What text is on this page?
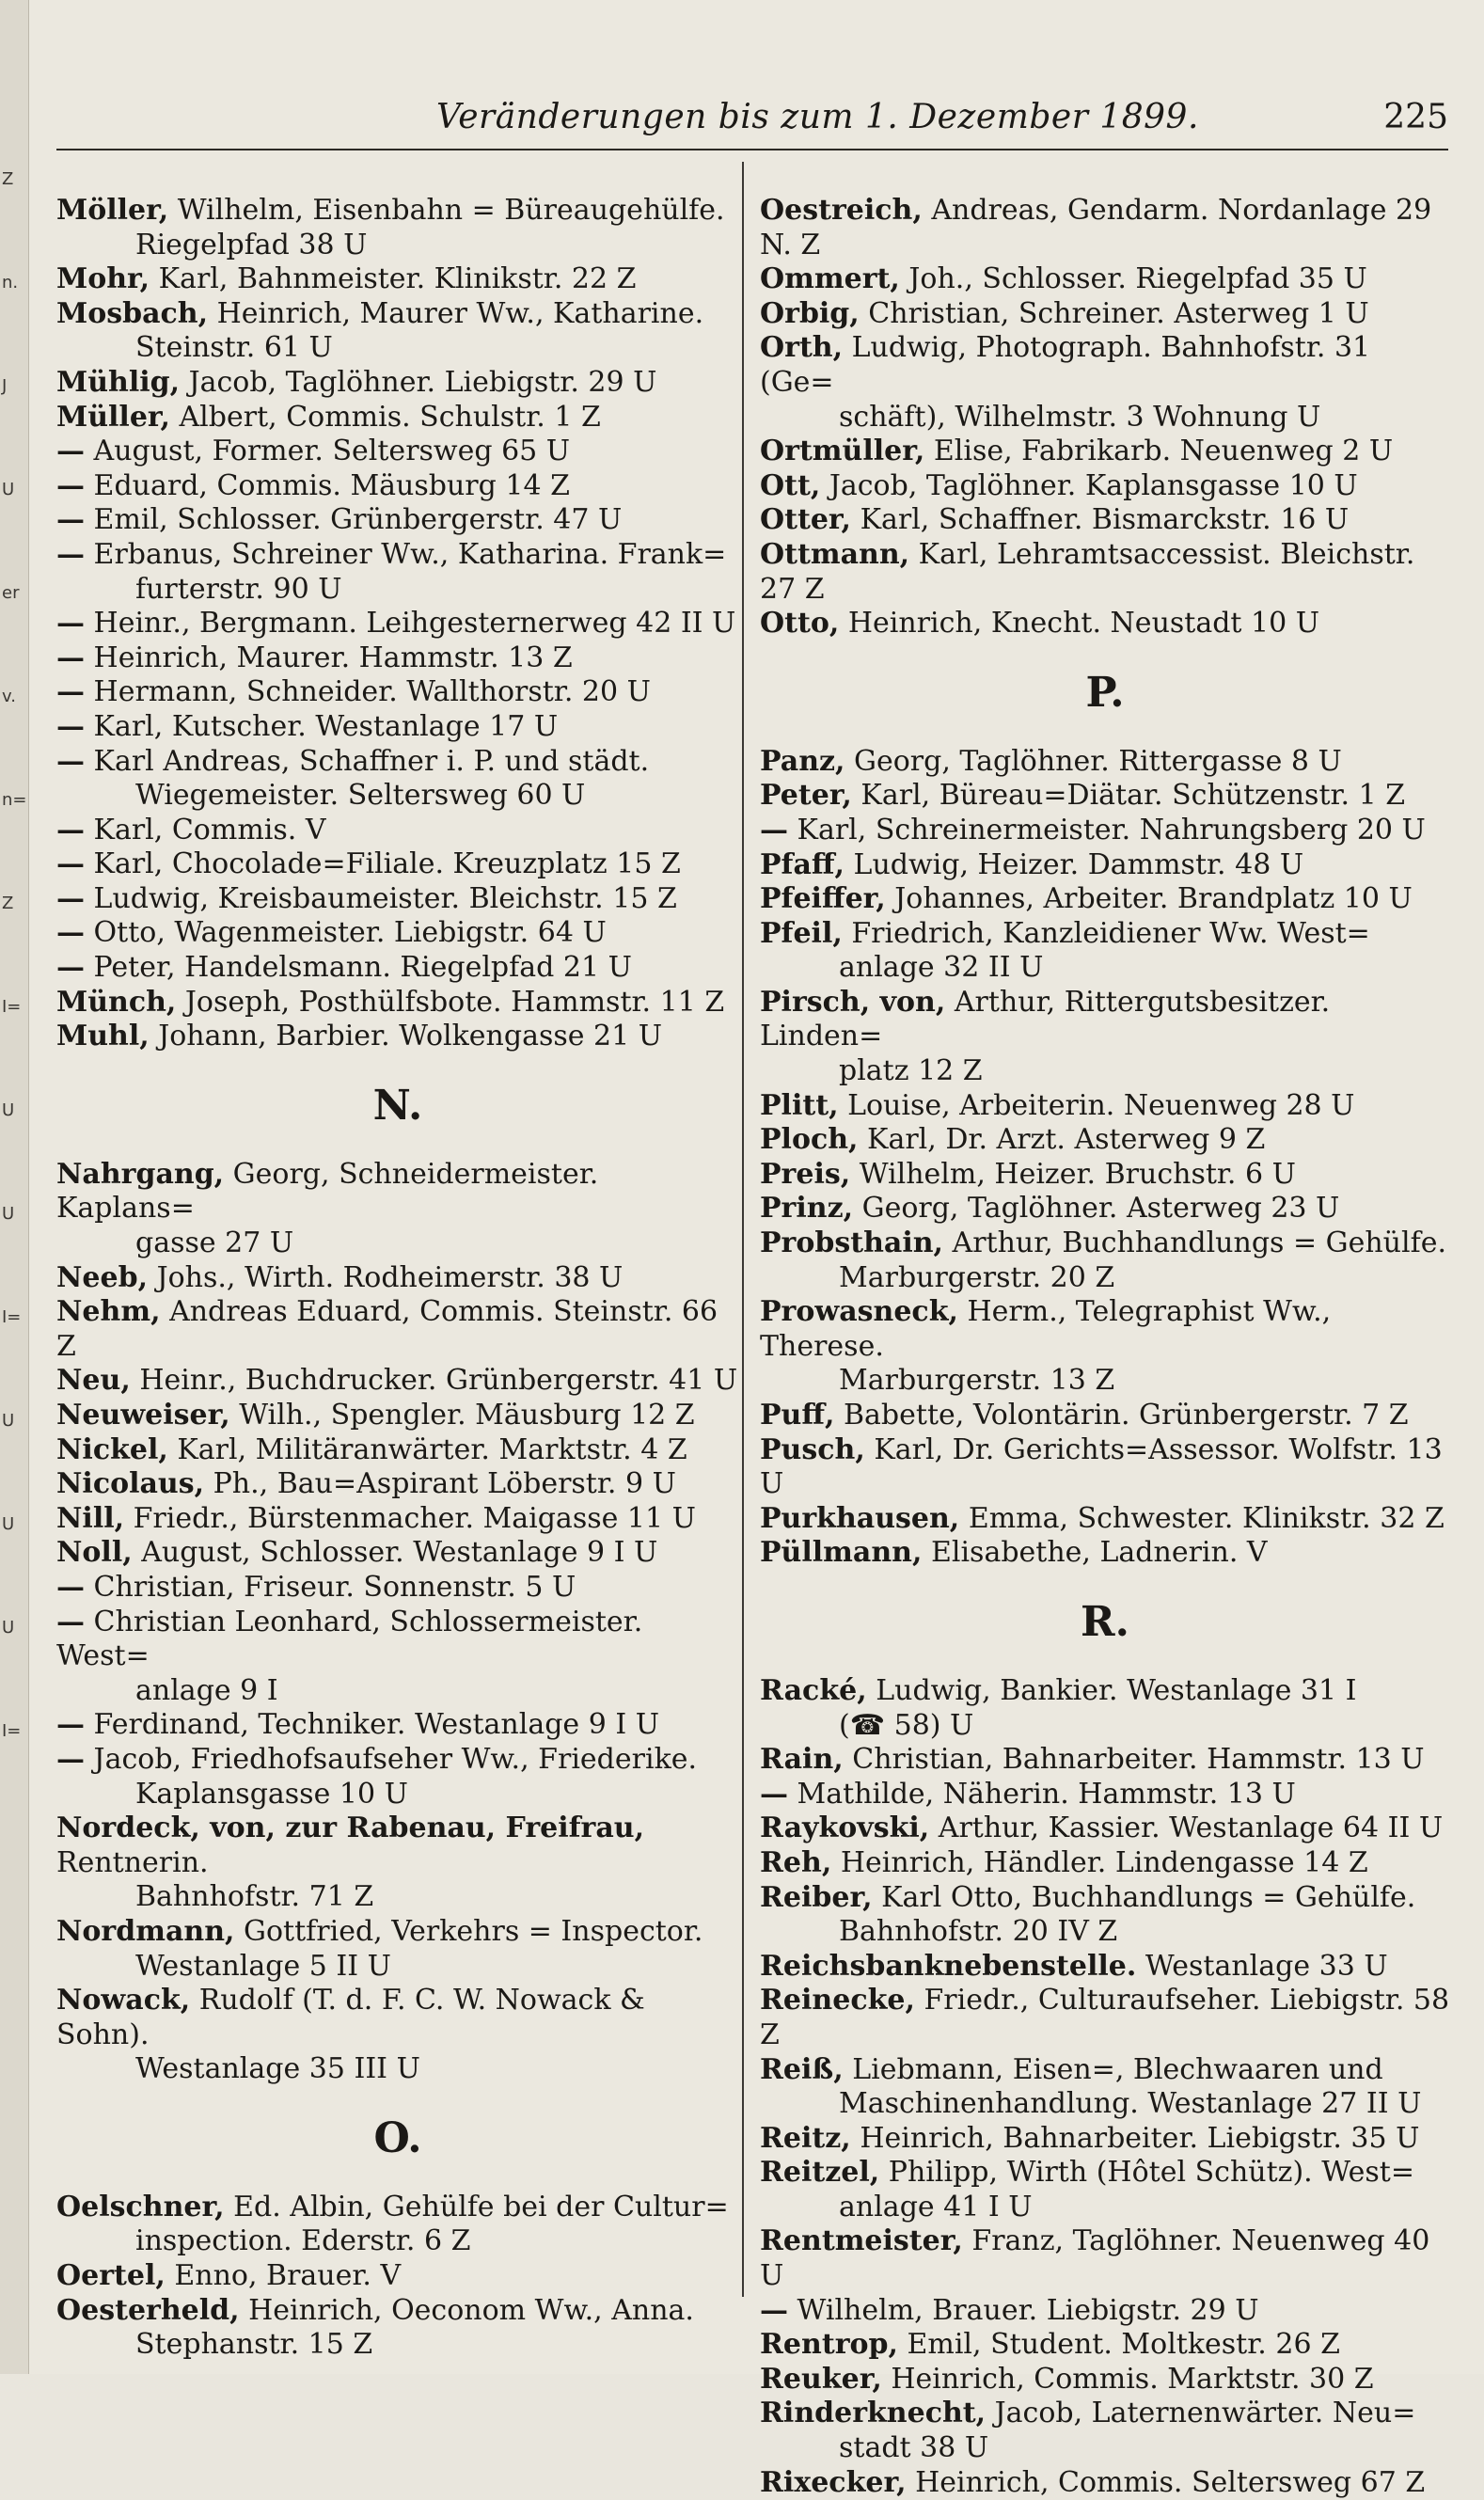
Z
n.
J
U
er
v.
n=
Z
I=
U
U
I=
U
U
U
I=
Veränderungen bis zum 1. Dezember 1899.	225
Möller, Wilhelm, Eisenbahn = Büreaugehülfe.
Riegelpfad 38 U
Mohr, Karl, Bahnmeister. Klinikstr. 22 Z
Mosbach, Heinrich, Maurer Ww., Katharine.
Steinstr. 61 U
Mühlig, Jacob, Taglöhner. Liebigstr. 29 U
Müller, Albert, Commis. Schulstr. 1 Z
— August, Former. Seltersweg 65 U
— Eduard, Commis. Mäusburg 14 Z
— Emil, Schlosser. Grünbergerstr. 47 U
— Erbanus, Schreiner Ww., Katharina. Frank=
furterstr. 90 U
— Heinr., Bergmann. Leihgesternerweg 42 II U
— Heinrich, Maurer. Hammstr. 13 Z
— Hermann, Schneider. Wallthorstr. 20 U
— Karl, Kutscher. Westanlage 17 U
— Karl Andreas, Schaffner i. P. und städt.
Wiegemeister. Seltersweg 60 U
— Karl, Commis. V
— Karl, Chocolade=Filiale. Kreuzplatz 15 Z
— Ludwig, Kreisbaumeister. Bleichstr. 15 Z
— Otto, Wagenmeister. Liebigstr. 64 U
— Peter, Handelsmann. Riegelpfad 21 U
Münch, Joseph, Posthülfsbote. Hammstr. 11 Z
Muhl, Johann, Barbier. Wolkengasse 21 U
N.
Nahrgang, Georg, Schneidermeister. Kaplans=
gasse 27 U
Neeb, Johs., Wirth. Rodheimerstr. 38 U
Nehm, Andreas Eduard, Commis. Steinstr. 66 Z
Neu, Heinr., Buchdrucker. Grünbergerstr. 41 U
Neuweiser, Wilh., Spengler. Mäusburg 12 Z
Nickel, Karl, Militäranwärter. Marktstr. 4 Z
Nicolaus, Ph., Bau=Aspirant Löberstr. 9 U
Nill, Friedr., Bürstenmacher. Maigasse 11 U
Noll, August, Schlosser. Westanlage 9 I U
— Christian, Friseur. Sonnenstr. 5 U
— Christian Leonhard, Schlossermeister. West=
anlage 9 I
— Ferdinand, Techniker. Westanlage 9 I U
— Jacob, Friedhofsaufseher Ww., Friederike.
Kaplansgasse 10 U
Nordeck, von, zur Rabenau, Freifrau, Rentnerin.
Bahnhofstr. 71 Z
Nordmann, Gottfried, Verkehrs = Inspector.
Westanlage 5 II U
Nowack, Rudolf (T. d. F. C. W. Nowack & Sohn).
Westanlage 35 III U
O.
Oelschner, Ed. Albin, Gehülfe bei der Cultur=
inspection. Ederstr. 6 Z
Oertel, Enno, Brauer. V
Oesterheld, Heinrich, Oeconom Ww., Anna.
Stephanstr. 15 Z
Oestreich, Andreas, Gendarm. Nordanlage 29 N. Z
Ommert, Joh., Schlosser. Riegelpfad 35 U
Orbig, Christian, Schreiner. Asterweg 1 U
Orth, Ludwig, Photograph. Bahnhofstr. 31 (Ge=
schäft), Wilhelmstr. 3 Wohnung U
Ortmüller, Elise, Fabrikarb. Neuenweg 2 U
Ott, Jacob, Taglöhner. Kaplansgasse 10 U
Otter, Karl, Schaffner. Bismarckstr. 16 U
Ottmann, Karl, Lehramtsaccessist. Bleichstr. 27 Z
Otto, Heinrich, Knecht. Neustadt 10 U
P.
Panz, Georg, Taglöhner. Rittergasse 8 U
Peter, Karl, Büreau=Diätar. Schützenstr. 1 Z
— Karl, Schreinermeister. Nahrungsberg 20 U
Pfaff, Ludwig, Heizer. Dammstr. 48 U
Pfeiffer, Johannes, Arbeiter. Brandplatz 10 U
Pfeil, Friedrich, Kanzleidiener Ww. West=
anlage 32 II U
Pirsch, von, Arthur, Rittergutsbesitzer. Linden=
platz 12 Z
Plitt, Louise, Arbeiterin. Neuenweg 28 U
Ploch, Karl, Dr. Arzt. Asterweg 9 Z
Preis, Wilhelm, Heizer. Bruchstr. 6 U
Prinz, Georg, Taglöhner. Asterweg 23 U
Probsthain, Arthur, Buchhandlungs = Gehülfe.
Marburgerstr. 20 Z
Prowasneck, Herm., Telegraphist Ww., Therese.
Marburgerstr. 13 Z
Puff, Babette, Volontärin. Grünbergerstr. 7 Z
Pusch, Karl, Dr. Gerichts=Assessor. Wolfstr. 13 U
Purkhausen, Emma, Schwester. Klinikstr. 32 Z
Püllmann, Elisabethe, Ladnerin. V
R.
Racké, Ludwig, Bankier. Westanlage 31 I
(☎ 58) U
Rain, Christian, Bahnarbeiter. Hammstr. 13 U
— Mathilde, Näherin. Hammstr. 13 U
Raykovski, Arthur, Kassier. Westanlage 64 II U
Reh, Heinrich, Händler. Lindengasse 14 Z
Reiber, Karl Otto, Buchhandlungs = Gehülfe.
Bahnhofstr. 20 IV Z
Reichsbanknebenstelle. Westanlage 33 U
Reinecke, Friedr., Culturaufseher. Liebigstr. 58 Z
Reiß, Liebmann, Eisen=, Blechwaaren und
Maschinenhandlung. Westanlage 27 II U
Reitz, Heinrich, Bahnarbeiter. Liebigstr. 35 U
Reitzel, Philipp, Wirth (Hôtel Schütz). West=
anlage 41 I U
Rentmeister, Franz, Taglöhner. Neuenweg 40 U
— Wilhelm, Brauer. Liebigstr. 29 U
Rentrop, Emil, Student. Moltkestr. 26 Z
Reuker, Heinrich, Commis. Marktstr. 30 Z
Rinderknecht, Jacob, Laternenwärter. Neu=
stadt 38 U
Rixecker, Heinrich, Commis. Seltersweg 67 Z
